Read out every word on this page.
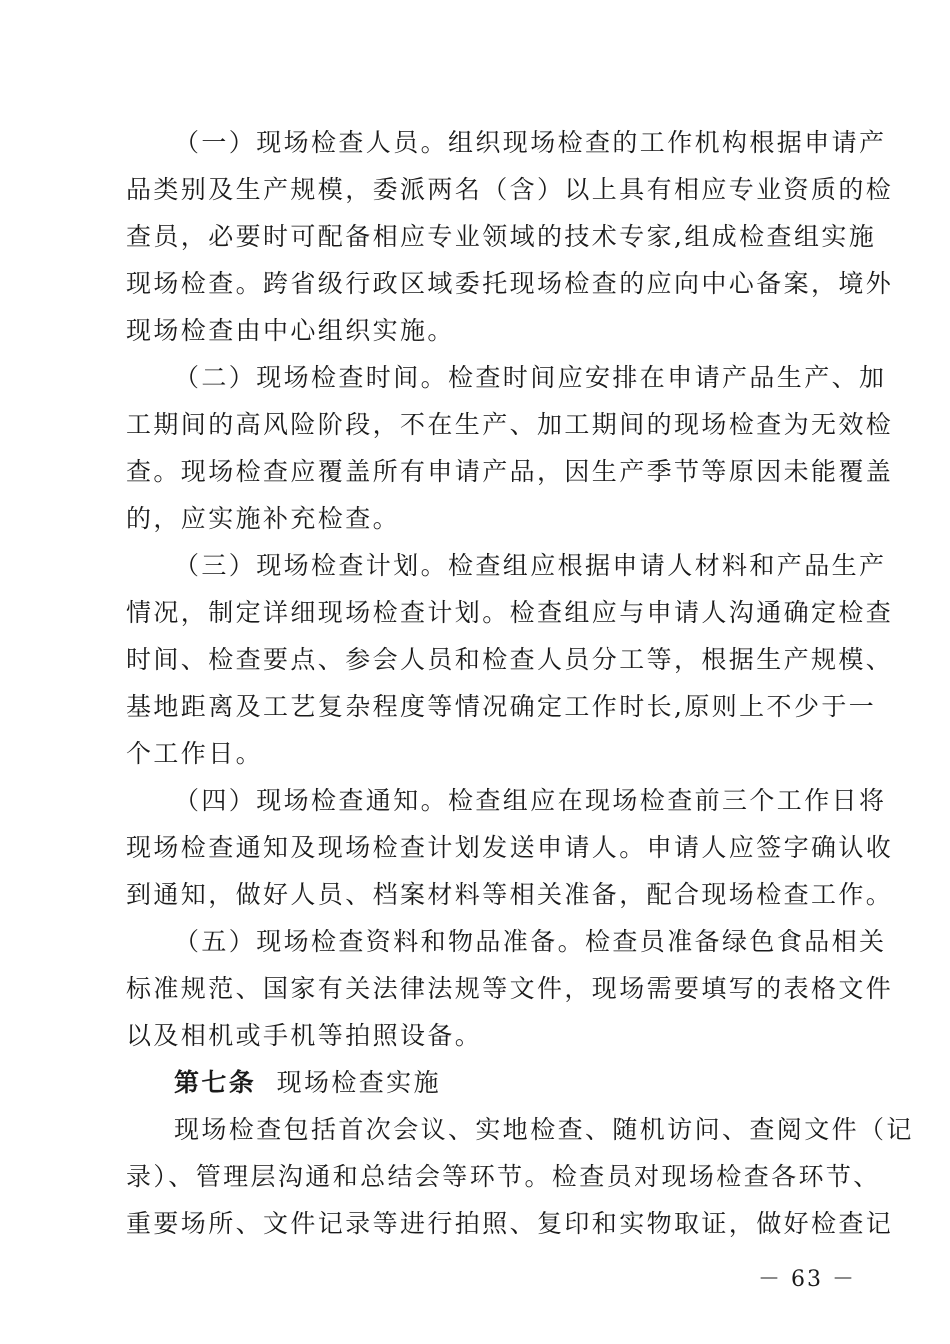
（一）现场检查人员。组织现场检查的工作机构根据申请产
品类别及生产规模，委派两名（含）以上具有相应专业资质的检
查员，必要时可配备相应专业领域的技术专家,组成检查组实施
现场检查。跨省级行政区域委托现场检查的应向中心备案，境外
现场检查由中心组织实施。
（二）现场检查时间。检查时间应安排在申请产品生产、加
工期间的高风险阶段，不在生产、加工期间的现场检查为无效检
查。现场检查应覆盖所有申请产品，因生产季节等原因未能覆盖
的，应实施补充检查。
（三）现场检查计划。检查组应根据申请人材料和产品生产
情况，制定详细现场检查计划。检查组应与申请人沟通确定检查
时间、检查要点、参会人员和检查人员分工等，根据生产规模、
基地距离及工艺复杂程度等情况确定工作时长,原则上不少于一
个工作日。
（四）现场检查通知。检查组应在现场检查前三个工作日将
现场检查通知及现场检查计划发送申请人。申请人应签字确认收
到通知，做好人员、档案材料等相关准备，配合现场检查工作。
（五）现场检查资料和物品准备。检查员准备绿色食品相关
标准规范、国家有关法律法规等文件，现场需要填写的表格文件
以及相机或手机等拍照设备。
第七条 现场检查实施
现场检查包括首次会议、实地检查、随机访问、查阅文件（记
录）、管理层沟通和总结会等环节。检查员对现场检查各环节、
重要场所、文件记录等进行拍照、复印和实物取证，做好检查记
－ 63 －
